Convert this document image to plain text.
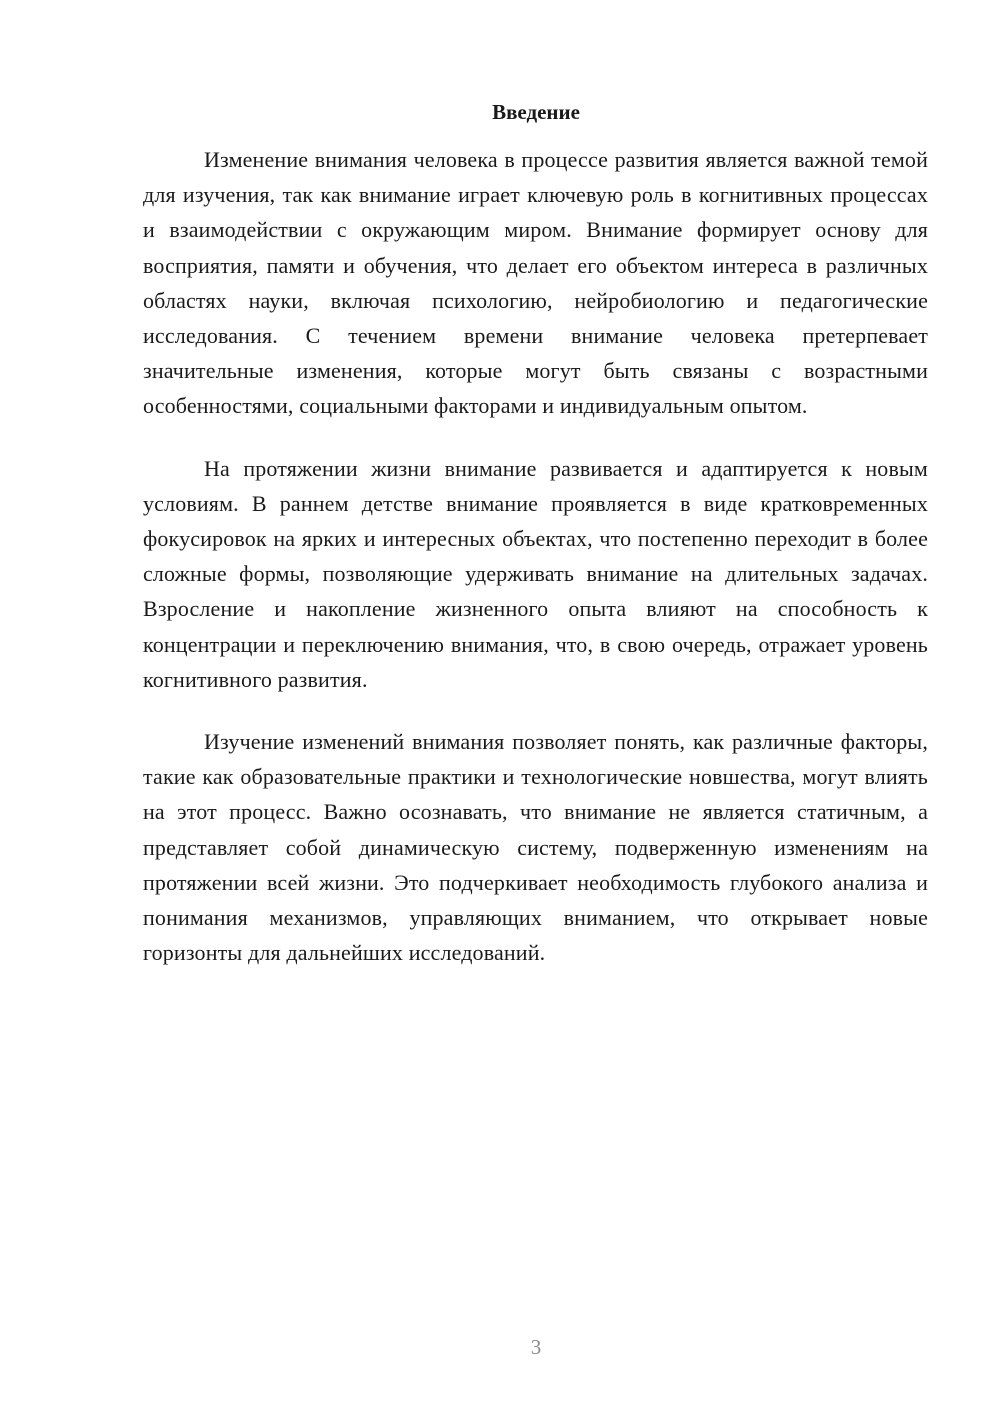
Введение

Изменение внимания человека в процессе развития является важной темой для изучения, так как внимание играет ключевую роль в когнитивных процессах и взаимодействии с окружающим миром. Внимание формирует основу для восприятия, памяти и обучения, что делает его объектом интереса в различных областях науки, включая психологию, нейробиологию и педагогические исследования. С течением времени внимание человека претерпевает значительные изменения, которые могут быть связаны с возрастными особенностями, социальными факторами и индивидуальным опытом.

На протяжении жизни внимание развивается и адаптируется к новым условиям. В раннем детстве внимание проявляется в виде кратковременных фокусировок на ярких и интересных объектах, что постепенно переходит в более сложные формы, позволяющие удерживать внимание на длительных задачах. Взросление и накопление жизненного опыта влияют на способность к концентрации и переключению внимания, что, в свою очередь, отражает уровень когнитивного развития.

Изучение изменений внимания позволяет понять, как различные факторы, такие как образовательные практики и технологические новшества, могут влиять на этот процесс. Важно осознавать, что внимание не является статичным, а представляет собой динамическую систему, подверженную изменениям на протяжении всей жизни. Это подчеркивает необходимость глубокого анализа и понимания механизмов, управляющих вниманием, что открывает новые горизонты для дальнейших исследований.

3
